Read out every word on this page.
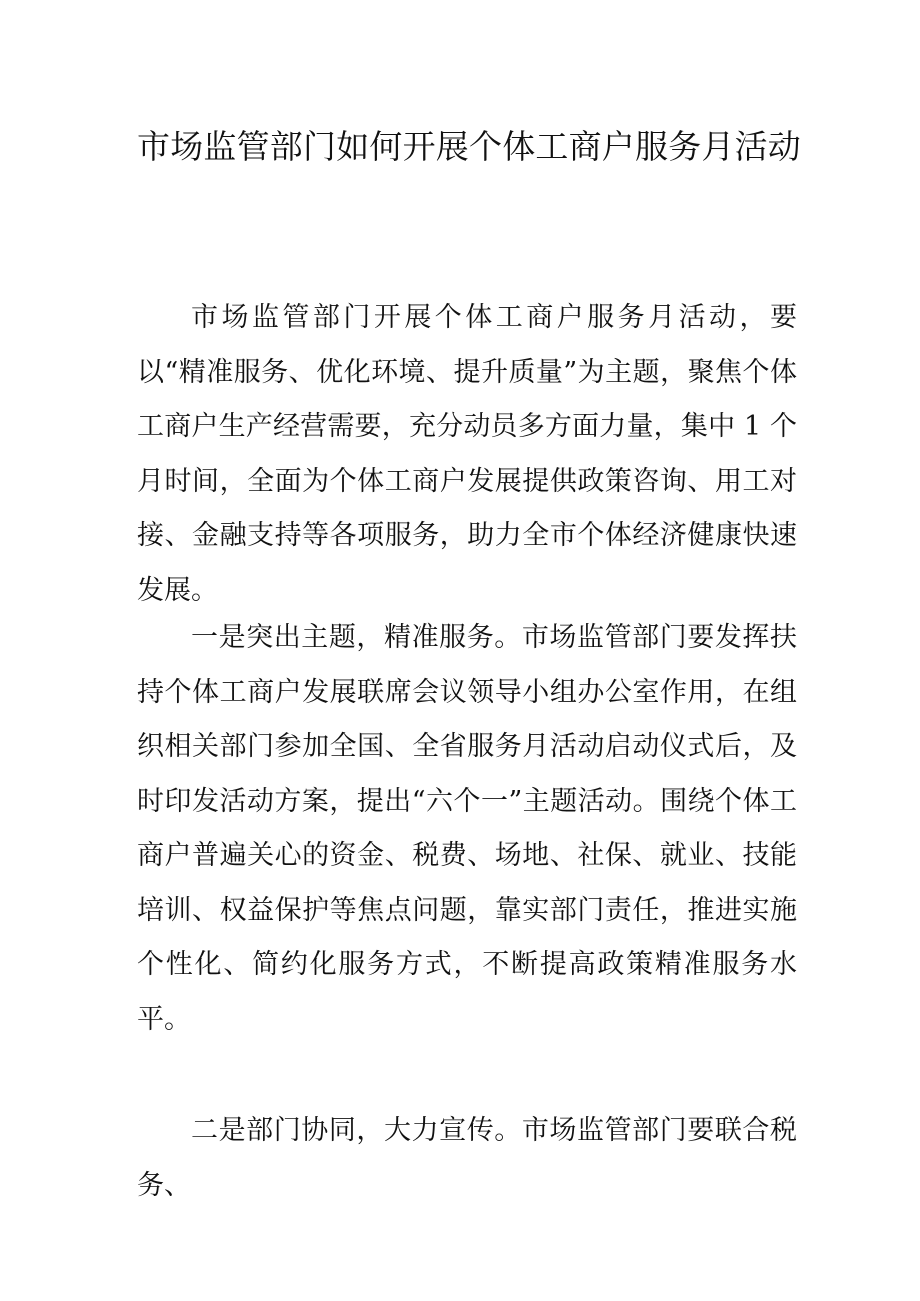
市场监管部门如何开展个体工商户服务月活动

市场监管部门开展个体工商户服务月活动，要以“精准服务、优化环境、提升质量”为主题，聚焦个体工商户生产经营需要，充分动员多方面力量，集中 1 个月时间，全面为个体工商户发展提供政策咨询、用工对接、金融支持等各项服务，助力全市个体经济健康快速发展。

一是突出主题，精准服务。市场监管部门要发挥扶持个体工商户发展联席会议领导小组办公室作用，在组织相关部门参加全国、全省服务月活动启动仪式后，及时印发活动方案，提出“六个一”主题活动。围绕个体工商户普遍关心的资金、税费、场地、社保、就业、技能培训、权益保护等焦点问题，靠实部门责任，推进实施个性化、简约化服务方式，不断提高政策精准服务水平。

二是部门协同，大力宣传。市场监管部门要联合税务、
